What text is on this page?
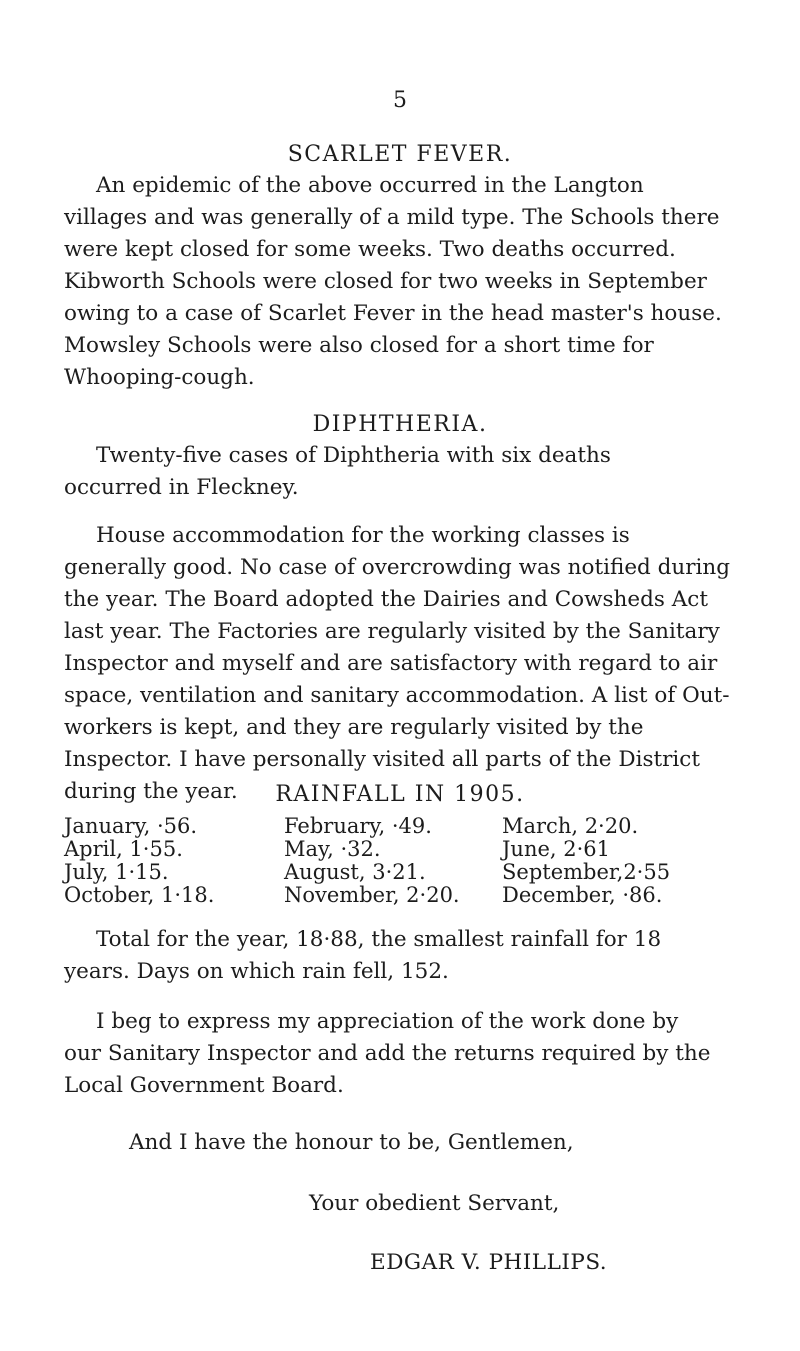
5
SCARLET FEVER.
An epidemic of the above occurred in the Langton
villages and was generally of a mild type. The Schools there
were kept closed for some weeks. Two deaths occurred.
Kibworth Schools were closed for two weeks in September
owing to a case of Scarlet Fever in the head master's house.
Mowsley Schools were also closed for a short time for
Whooping-cough.
DIPHTHERIA.
Twenty-five cases of Diphtheria with six deaths
occurred in Fleckney.
House accommodation for the working classes is
generally good. No case of overcrowding was notified during
the year. The Board adopted the Dairies and Cowsheds Act
last year. The Factories are regularly visited by the Sanitary
Inspector and myself and are satisfactory with regard to air
space, ventilation and sanitary accommodation. A list of Out-
workers is kept, and they are regularly visited by the
Inspector. I have personally visited all parts of the District
during the year.	RAINFALL IN 1905.
January, ·56.	February, ·49.	March, 2·20.
April, 1·55.	May, ·32.	June, 2·61
July, 1·15.	August, 3·21.	September,2·55
October, 1·18.	November, 2·20. December, ·86.
Total for the year, 18·88, the smallest rainfall for 18
years. Days on which rain fell, 152.
I beg to express my appreciation of the work done by
our Sanitary Inspector and add the returns required by the
Local Government Board.
And I have the honour to be, Gentlemen,
Your obedient Servant,
EDGAR V. PHILLIPS.
